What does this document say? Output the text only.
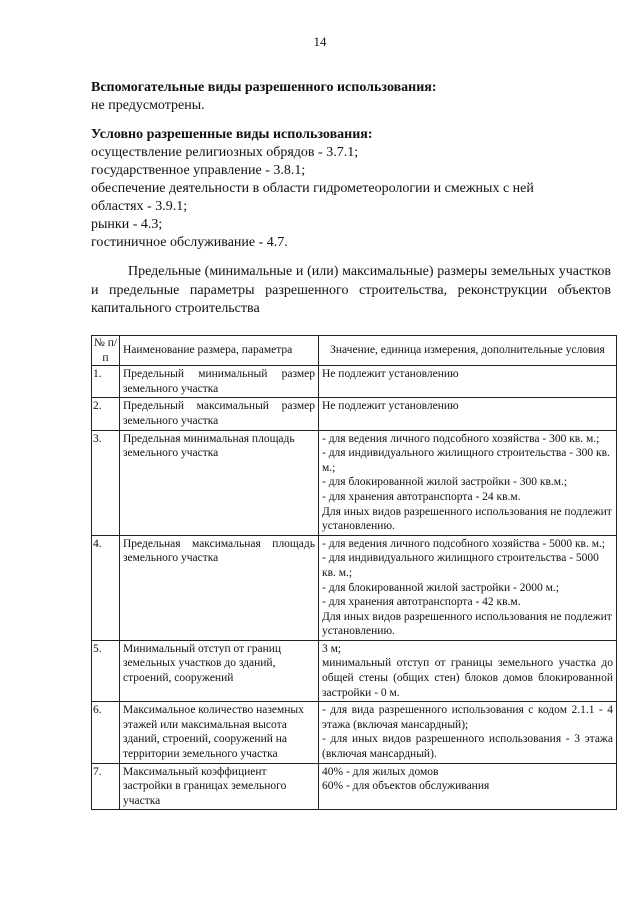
14
Вспомогательные виды разрешенного использования:
не предусмотрены.
Условно разрешенные виды использования:
осуществление религиозных обрядов - 3.7.1;
государственное управление - 3.8.1;
обеспечение деятельности в области гидрометеорологии и смежных с ней
областях - 3.9.1;
рынки - 4.3;
гостиничное обслуживание - 4.7.
Предельные (минимальные и (или) максимальные) размеры земельных участков и предельные параметры разрешенного строительства, реконструкции объектов капитального строительства
№ п/п	Наименование размера, параметра	Значение, единица измерения, дополнительные условия
1.	Предельный минимальный размер земельного участка	Не подлежит установлению

2.	Предельный максимальный размер земельного участка	Не подлежит установлению

3.	Предельная минимальная площадь земельного участка	- для ведения личного подсобного хозяйства - 300 кв. м.;
- для индивидуального жилищного строительства - 300 кв. м.;
- для блокированной жилой застройки - 300 кв.м.;
- для хранения автотранспорта - 24 кв.м.
Для иных видов разрешенного использования не подлежит установлению.

4.	Предельная максимальная площадь земельного участка	- для ведения личного подсобного хозяйства - 5000 кв. м.;
- для индивидуального жилищного строительства - 5000 кв. м.;
- для блокированной жилой застройки - 2000 м.;
- для хранения автотранспорта - 42 кв.м.
Для иных видов разрешенного использования не подлежит установлению.

5.	Минимальный отступ от границ земельных участков до зданий, строений, сооружений	3 м;
минимальный отступ от границы земельного участка до общей стены (общих стен) блоков домов блокированной застройки - 0 м.

6.	Максимальное количество наземных этажей или максимальная высота зданий, строений, сооружений на территории земельного участка	- для вида разрешенного использования с кодом 2.1.1 - 4 этажа (включая мансардный);
- для иных видов разрешенного использования - 3 этажа (включая мансардный).

7.	Максимальный коэффициент застройки в границах земельного участка	40% - для жилых домов
60% - для объектов обслуживания
